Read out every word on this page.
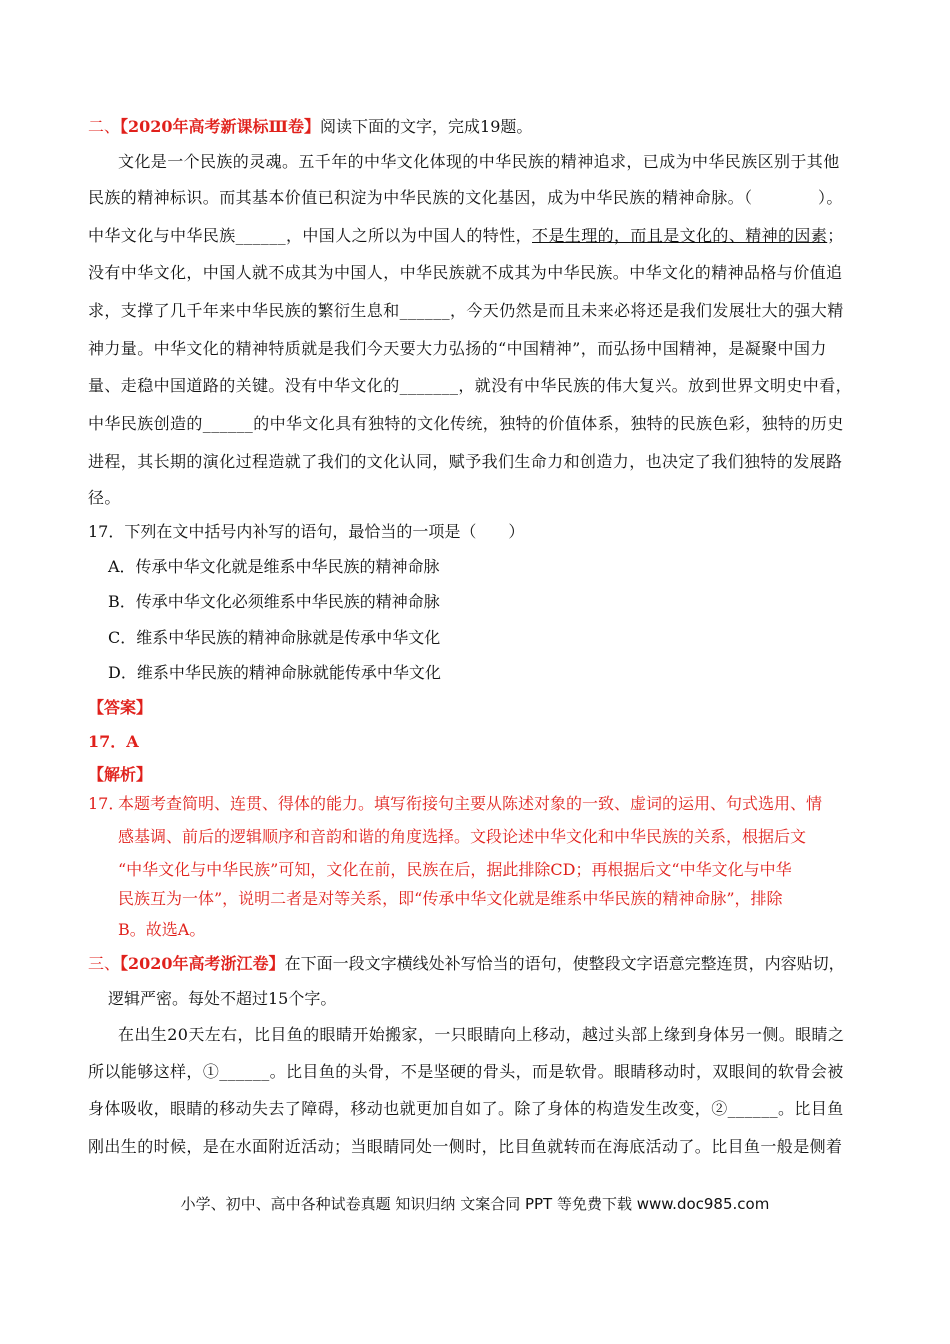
二、【2020年高考新课标Ⅲ卷】阅读下面的文字，完成19题。
文化是一个民族的灵魂。五千年的中华文化体现的中华民族的精神追求，已成为中华民族区别于其他
民族的精神标识。而其基本价值已积淀为中华民族的文化基因，成为中华民族的精神命脉。（　　　　）。
中华文化与中华民族______，中国人之所以为中国人的特性，不是生理的，而且是文化的、精神的因素；
没有中华文化，中国人就不成其为中国人，中华民族就不成其为中华民族。中华文化的精神品格与价值追
求，支撑了几千年来中华民族的繁衍生息和______，今天仍然是而且未来必将还是我们发展壮大的强大精
神力量。中华文化的精神特质就是我们今天要大力弘扬的“中国精神”，而弘扬中国精神，是凝聚中国力
量、走稳中国道路的关键。没有中华文化的_______，就没有中华民族的伟大复兴。放到世界文明史中看，
中华民族创造的______的中华文化具有独特的文化传统，独特的价值体系，独特的民族色彩，独特的历史
进程，其长期的演化过程造就了我们的文化认同，赋予我们生命力和创造力，也决定了我们独特的发展路
径。
17．下列在文中括号内补写的语句，最恰当的一项是（　　）
A．传承中华文化就是维系中华民族的精神命脉
B．传承中华文化必须维系中华民族的精神命脉
C．维系中华民族的精神命脉就是传承中华文化
D．维系中华民族的精神命脉就能传承中华文化
【答案】
17．A
【解析】
17．
本题考查简明、连贯、得体的能力。填写衔接句主要从陈述对象的一致、虚词的运用、句式选用、情
感基调、前后的逻辑顺序和音韵和谐的角度选择。文段论述中华文化和中华民族的关系，根据后文
“中华文化与中华民族”可知，文化在前，民族在后，据此排除CD；再根据后文“中华文化与中华
民族互为一体”，说明二者是对等关系，即“传承中华文化就是维系中华民族的精神命脉”，排除
B。故选A。
三、【2020年高考浙江卷】在下面一段文字横线处补写恰当的语句，使整段文字语意完整连贯，内容贴切，
逻辑严密。每处不超过15个字。
在出生20天左右，比目鱼的眼睛开始搬家，一只眼睛向上移动，越过头部上缘到身体另一侧。眼睛之
所以能够这样，①______。比目鱼的头骨，不是坚硬的骨头，而是软骨。眼睛移动时，双眼间的软骨会被
身体吸收，眼睛的移动失去了障碍，移动也就更加自如了。除了身体的构造发生改变，②______。比目鱼
刚出生的时候，是在水面附近活动；当眼睛同处一侧时，比目鱼就转而在海底活动了。比目鱼一般是侧着
小学、初中、高中各种试卷真题 知识归纳 文案合同 PPT 等免费下载 www.doc985.com
